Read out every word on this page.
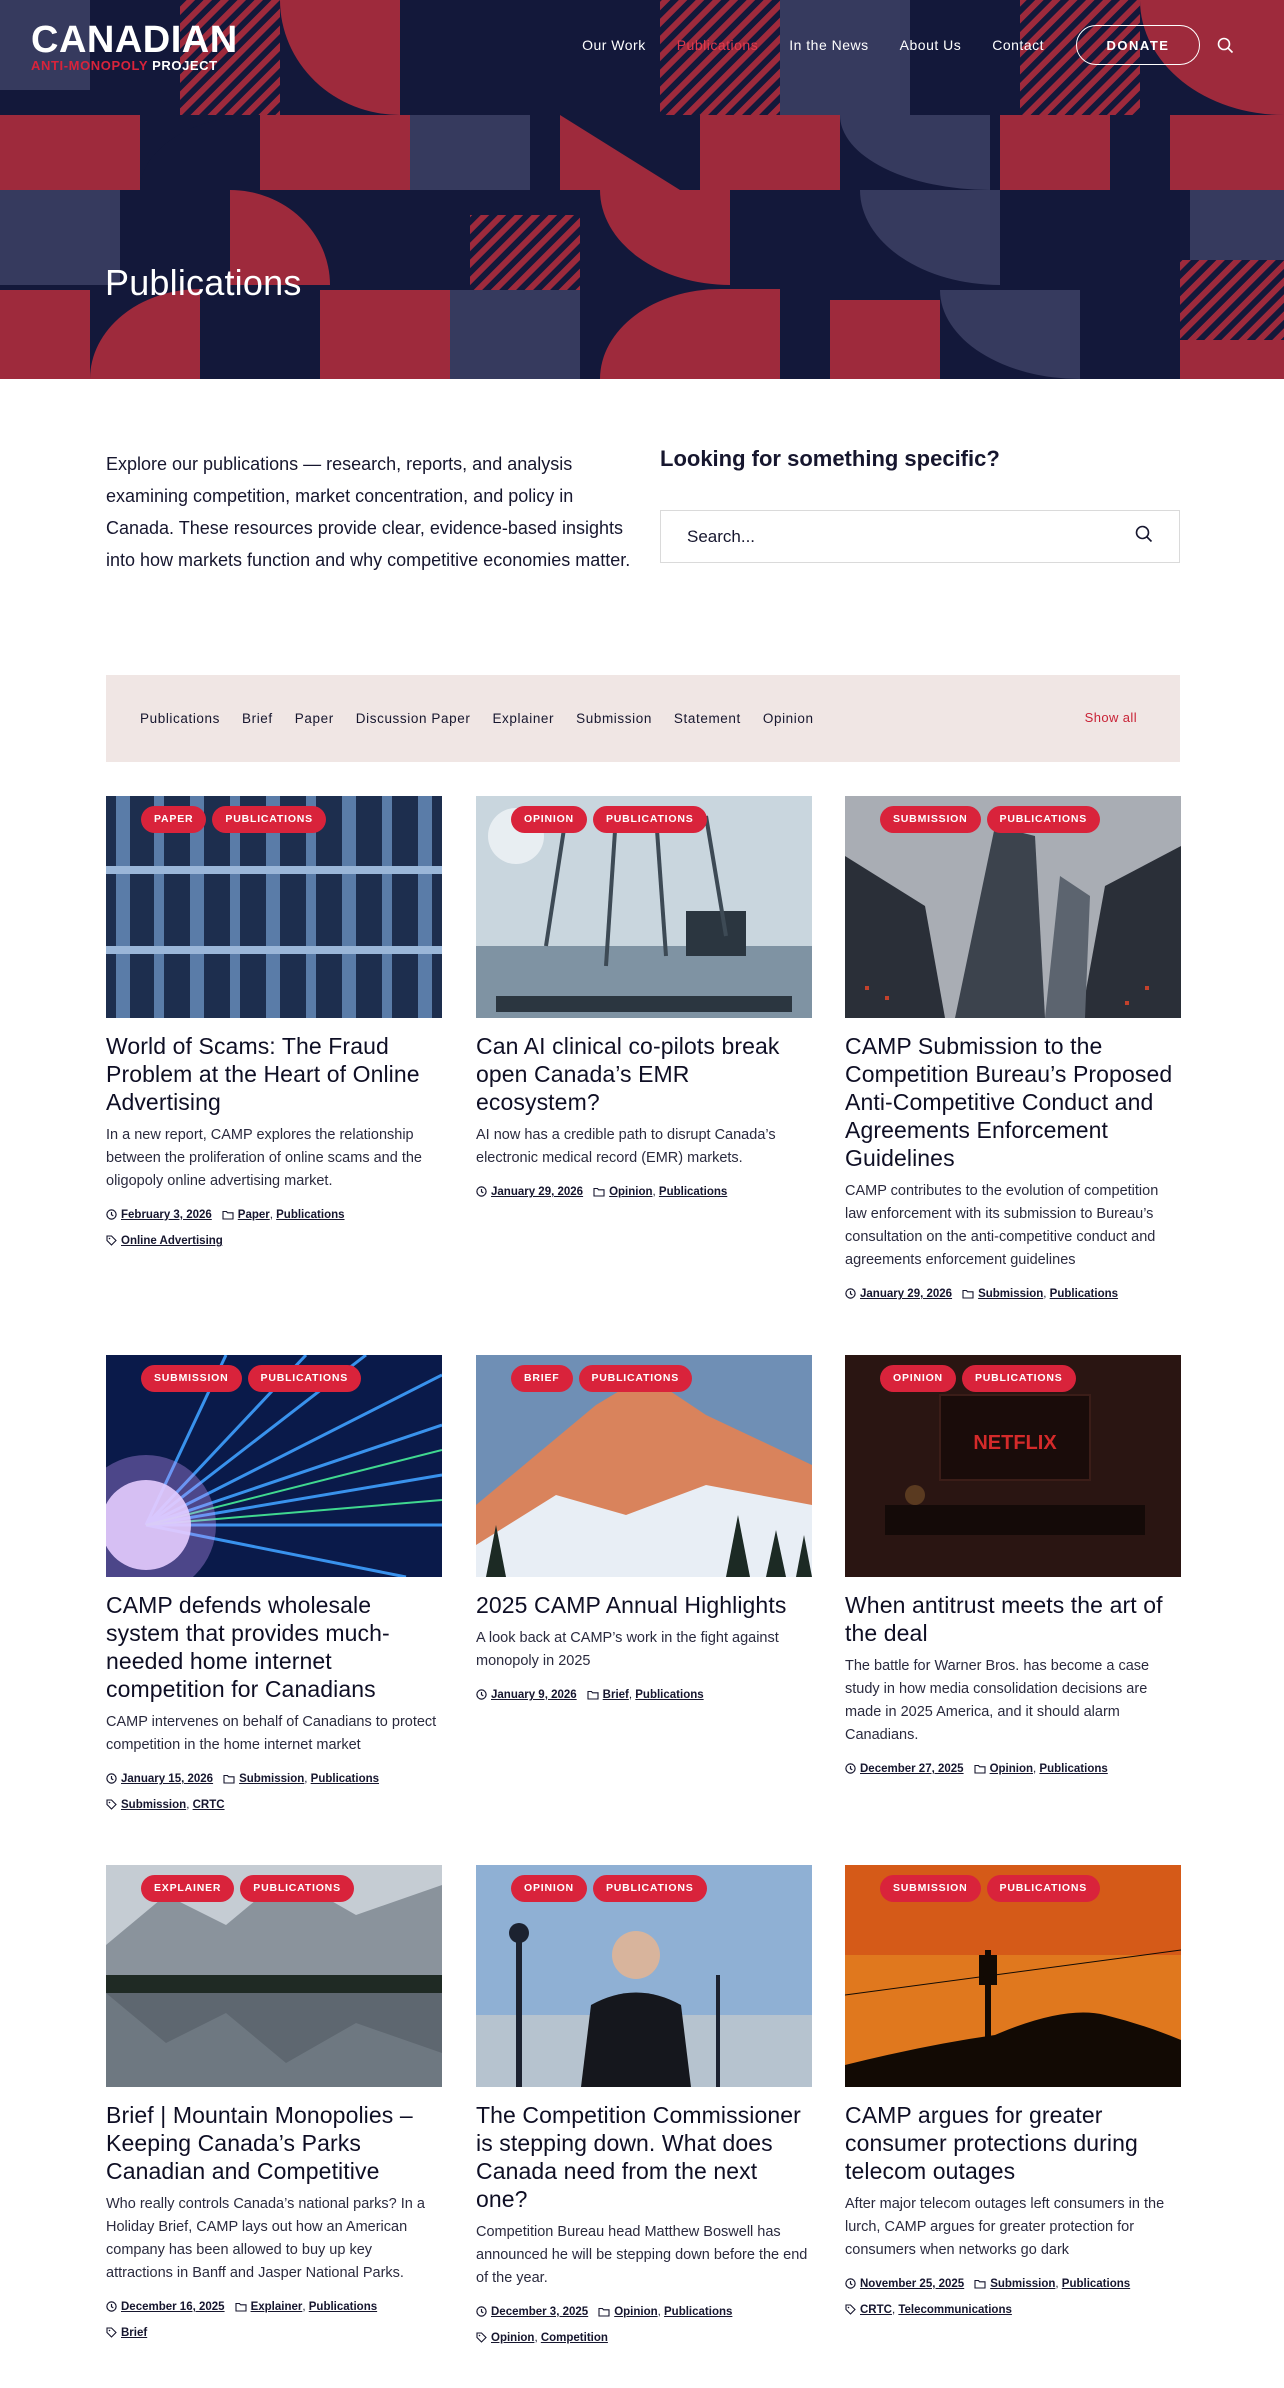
CANADIAN
ANTI-MONOPOLY PROJECT
Our Work Publications In the News About Us Contact	DONATE
Publications

Explore our publications — research, reports, and analysis examining competition, market concentration, and policy in Canada. These resources provide clear, evidence-based insights into how markets function and why competitive economies matter.

Looking for something specific?
Search...
Publications Brief Paper Discussion Paper Explainer Submission Statement Opinion	Show all
PAPER	PUBLICATIONS
World of Scams: The Fraud Problem at the Heart of Online Advertising

In a new report, CAMP explores the relationship between the proliferation of online scams and the oligopoly online advertising market.

February 3, 2026 Paper, Publications
Online Advertising
OPINION	PUBLICATIONS
Can AI clinical co-pilots break open Canada’s EMR ecosystem?

AI now has a credible path to disrupt Canada’s electronic medical record (EMR) markets.

January 29, 2026 Opinion, Publications
SUBMISSION	PUBLICATIONS
CAMP Submission to the Competition Bureau’s Proposed Anti-Competitive Conduct and Agreements Enforcement Guidelines

CAMP contributes to the evolution of competition law enforcement with its submission to Bureau’s consultation on the anti-competitive conduct and agreements enforcement guidelines

January 29, 2026 Submission, Publications
SUBMISSION	PUBLICATIONS
CAMP defends wholesale system that provides much-needed home internet competition for Canadians

CAMP intervenes on behalf of Canadians to protect competition in the home internet market

January 15, 2026 Submission, Publications
Submission, CRTC
BRIEF	PUBLICATIONS
2025 CAMP Annual Highlights

A look back at CAMP’s work in the fight against monopoly in 2025

January 9, 2026 Brief, Publications
NETFLIX
OPINION	PUBLICATIONS
When antitrust meets the art of the deal

The battle for Warner Bros. has become a case study in how media consolidation decisions are made in 2025 America, and it should alarm Canadians.

December 27, 2025 Opinion, Publications
EXPLAINER	PUBLICATIONS
Brief | Mountain Monopolies – Keeping Canada’s Parks Canadian and Competitive

Who really controls Canada’s national parks? In a Holiday Brief, CAMP lays out how an American company has been allowed to buy up key attractions in Banff and Jasper National Parks.

December 16, 2025 Explainer, Publications
Brief
OPINION	PUBLICATIONS
The Competition Commissioner is stepping down. What does Canada need from the next one?

Competition Bureau head Matthew Boswell has announced he will be stepping down before the end of the year.

December 3, 2025 Opinion, Publications
Opinion, Competition
SUBMISSION	PUBLICATIONS
CAMP argues for greater consumer protections during telecom outages

After major telecom outages left consumers in the lurch, CAMP argues for greater protection for consumers when networks go dark

November 25, 2025 Submission, Publications
CRTC, Telecommunications
